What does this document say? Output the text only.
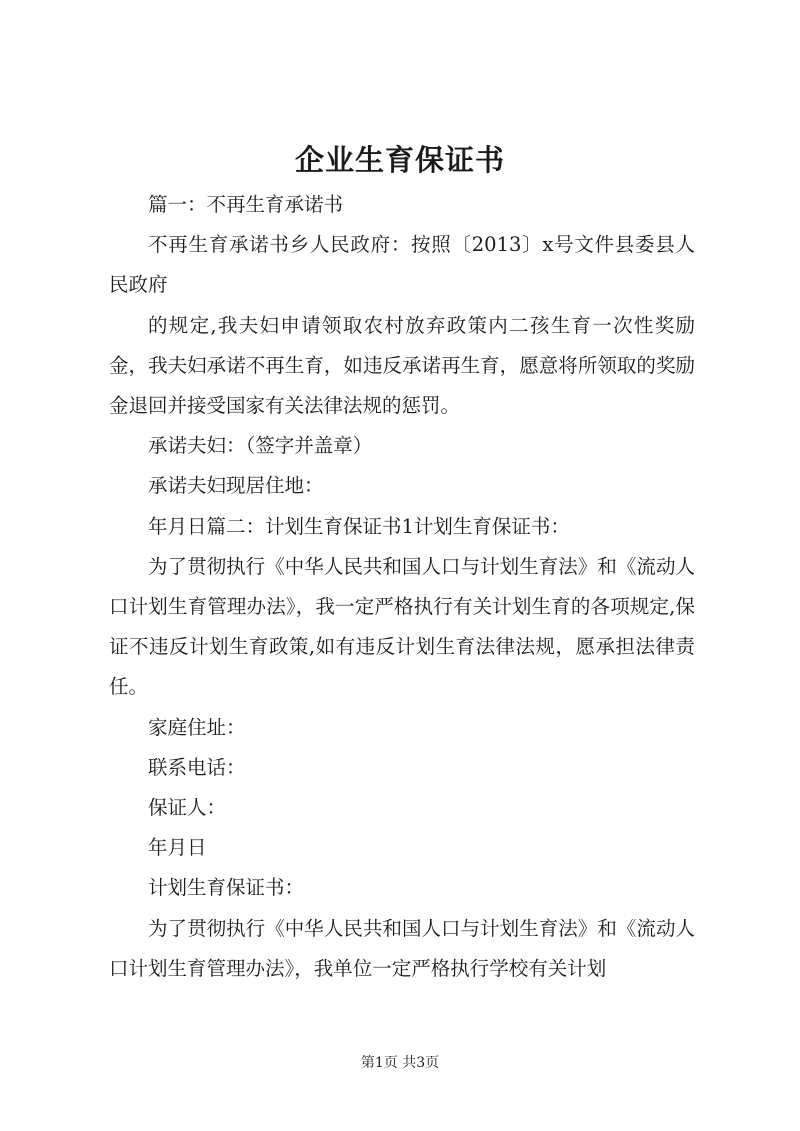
企业生育保证书

篇一：不再生育承诺书

不再生育承诺书乡人民政府：按照〔2013〕x号文件县委县人民政府

的规定,我夫妇申请领取农村放弃政策内二孩生育一次性奖励金，我夫妇承诺不再生育，如违反承诺再生育，愿意将所领取的奖励金退回并接受国家有关法律法规的惩罚。

承诺夫妇：（签字并盖章）

承诺夫妇现居住地：

年月日篇二：计划生育保证书1计划生育保证书：

为了贯彻执行《中华人民共和国人口与计划生育法》和《流动人口计划生育管理办法》，我一定严格执行有关计划生育的各项规定,保证不违反计划生育政策,如有违反计划生育法律法规，愿承担法律责任。

家庭住址：

联系电话：

保证人：

年月日

计划生育保证书：

为了贯彻执行《中华人民共和国人口与计划生育法》和《流动人口计划生育管理办法》，我单位一定严格执行学校有关计划

第1页 共3页
